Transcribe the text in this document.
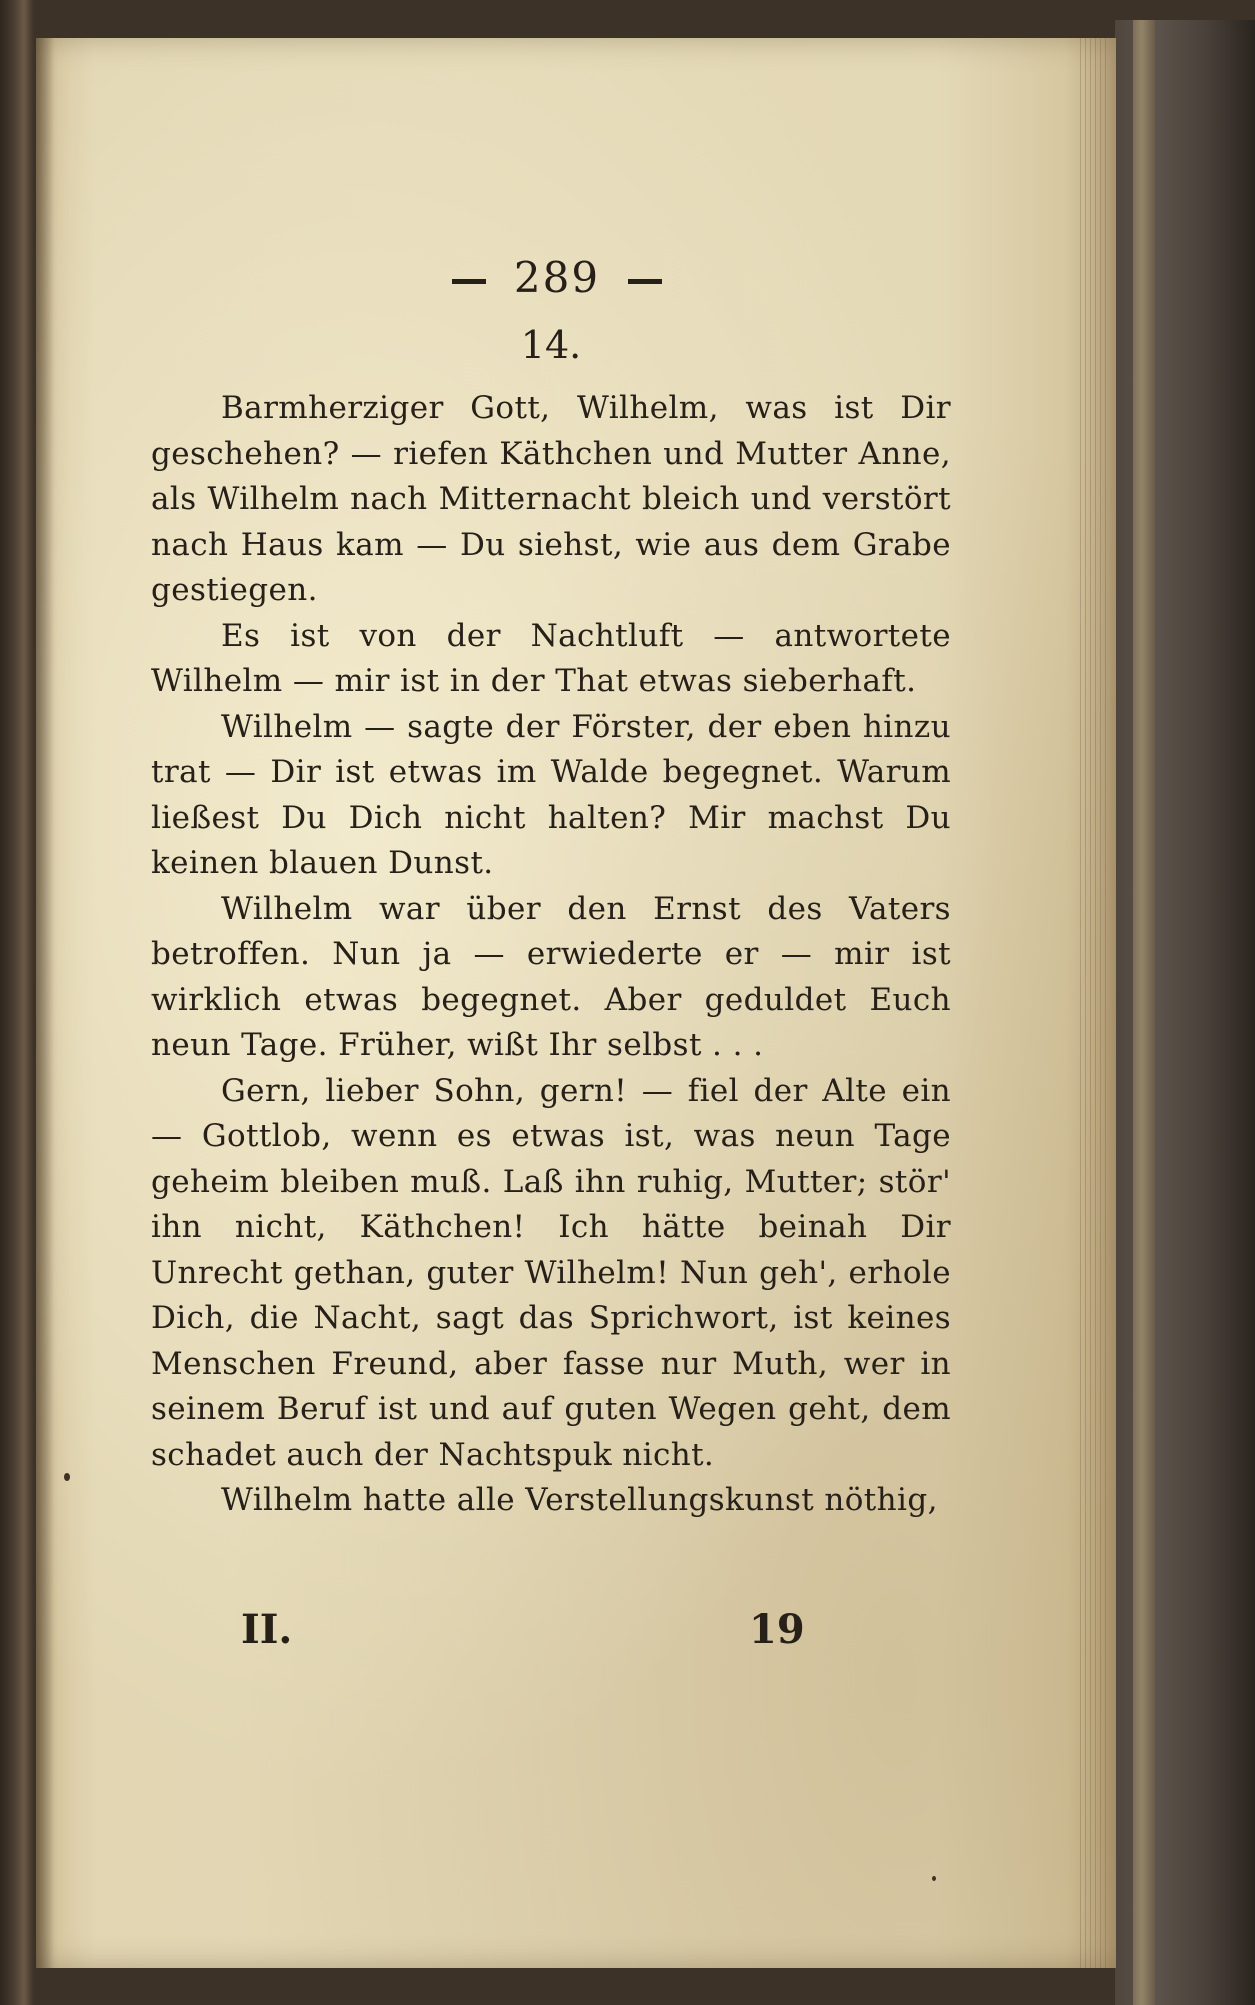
289
14.

Barmherziger Gott, Wilhelm, was ist Dir geschehen? — riefen Käthchen und Mutter Anne, als Wilhelm nach Mitternacht bleich und verstört nach Haus kam — Du siehst, wie aus dem Grabe gestiegen.

Es ist von der Nachtluft — antwortete Wilhelm — mir ist in der That etwas sieberhaft.

Wilhelm — sagte der Förster, der eben hinzu trat — Dir ist etwas im Walde begegnet. Warum ließest Du Dich nicht halten? Mir machst Du keinen blauen Dunst.

Wilhelm war über den Ernst des Vaters betroffen. Nun ja — erwiederte er — mir ist wirklich etwas begegnet. Aber geduldet Euch neun Tage. Früher, wißt Ihr selbst . . .

Gern, lieber Sohn, gern! — fiel der Alte ein — Gottlob, wenn es etwas ist, was neun Tage geheim bleiben muß. Laß ihn ruhig, Mutter; stör' ihn nicht, Käthchen! Ich hätte beinah Dir Unrecht gethan, guter Wilhelm! Nun geh', erhole Dich, die Nacht, sagt das Sprichwort, ist keines Menschen Freund, aber fasse nur Muth, wer in seinem Beruf ist und auf guten Wegen geht, dem schadet auch der Nachtspuk nicht.

Wilhelm hatte alle Verstellungskunst nöthig,

II.	19
